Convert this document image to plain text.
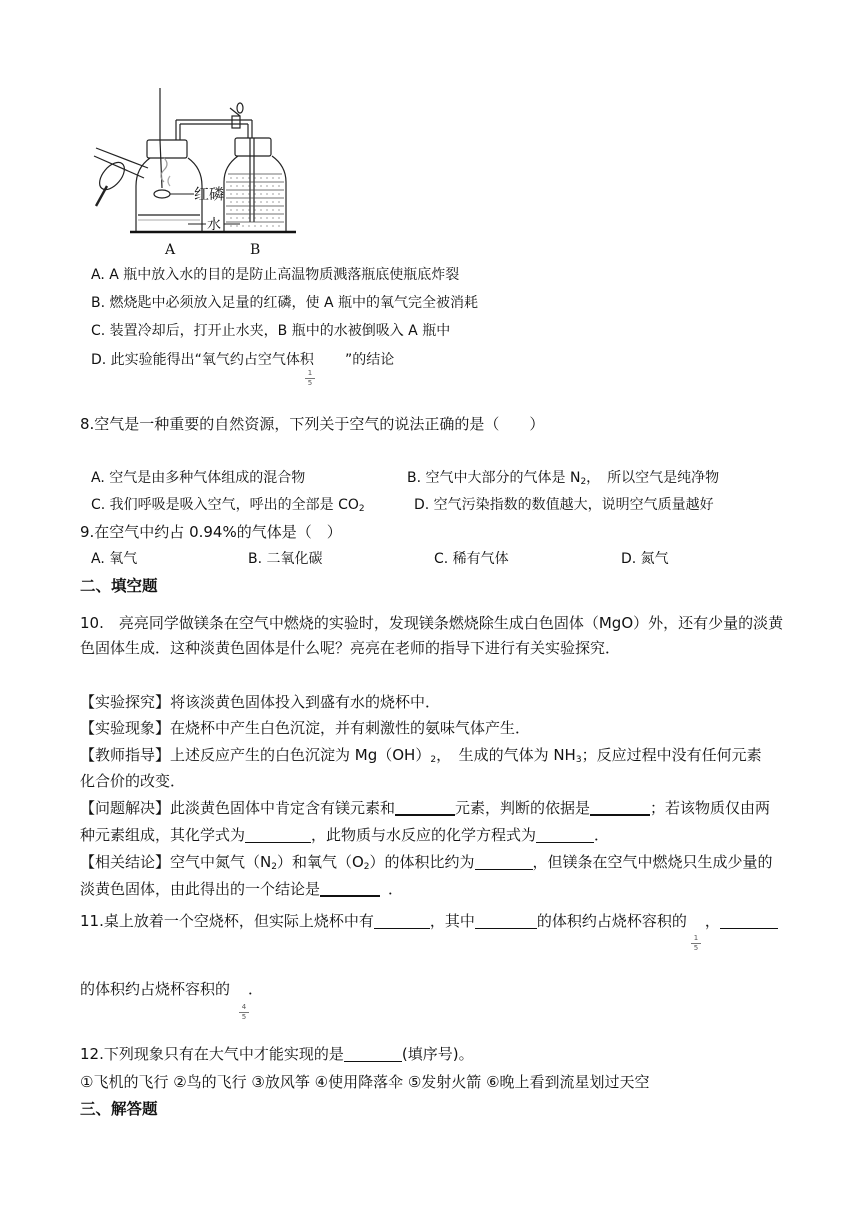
红磷
水
A	B
A. A 瓶中放入水的目的是防止高温物质溅落瓶底使瓶底炸裂
B. 燃烧匙中必须放入足量的红磷，使 A 瓶中的氧气完全被消耗
C. 装置冷却后，打开止水夹，B 瓶中的水被倒吸入 A 瓶中
D. 此实验能得出“氧气约占空气体积 ”的结论
1
5
8.空气是一种重要的自然资源，下列关于空气的说法正确的是（　　）
A. 空气是由多种气体组成的混合物	B. 空气中大部分的气体是 $N_2$，　所以空气是纯净物
C. 我们呼吸是吸入空气，呼出的全部是 $CO_2$	D. 空气污染指数的数值越大，说明空气质量越好
9.在空气中约占 0.94%的气体是（　）
A. 氧气	B. 二氧化碳	C. 稀有气体	D. 氮气
二、填空题
10.　亮亮同学做镁条在空气中燃烧的实验时，发现镁条燃烧除生成白色固体（MgO）外，还有少量的淡黄
色固体生成．这种淡黄色固体是什么呢？亮亮在老师的指导下进行有关实验探究．
【实验探究】将该淡黄色固体投入到盛有水的烧杯中．
【实验现象】在烧杯中产生白色沉淀，并有刺激性的氨味气体产生．
【教师指导】上述反应产生的白色沉淀为 $Mg(OH)_2$，　生成的气体为 $NH_3$；反应过程中没有任何元素
化合价的改变．
【问题解决】此淡黄色固体中肯定含有镁元素和	元素，判断的依据是	；若该物质仅由两
种元素组成，其化学式为	，此物质与水反应的化学方程式为	．
【相关结论】空气中氮气$(N_2)$和氧气$(O_2)$的体积比约为	，但镁条在空气中燃烧只生成少量的
淡黄色固体，由此得出的一个结论是	．
11.桌上放着一个空烧杯，但实际上烧杯中有	，其中	的体积约占烧杯容积的 ，
1
5
的体积约占烧杯容积的 ．
4
5
12.下列现象只有在大气中才能实现的是	(填序号)。
①飞机的飞行 ②鸟的飞行 ③放风筝 ④使用降落伞 ⑤发射火箭 ⑥晚上看到流星划过天空
三、解答题
